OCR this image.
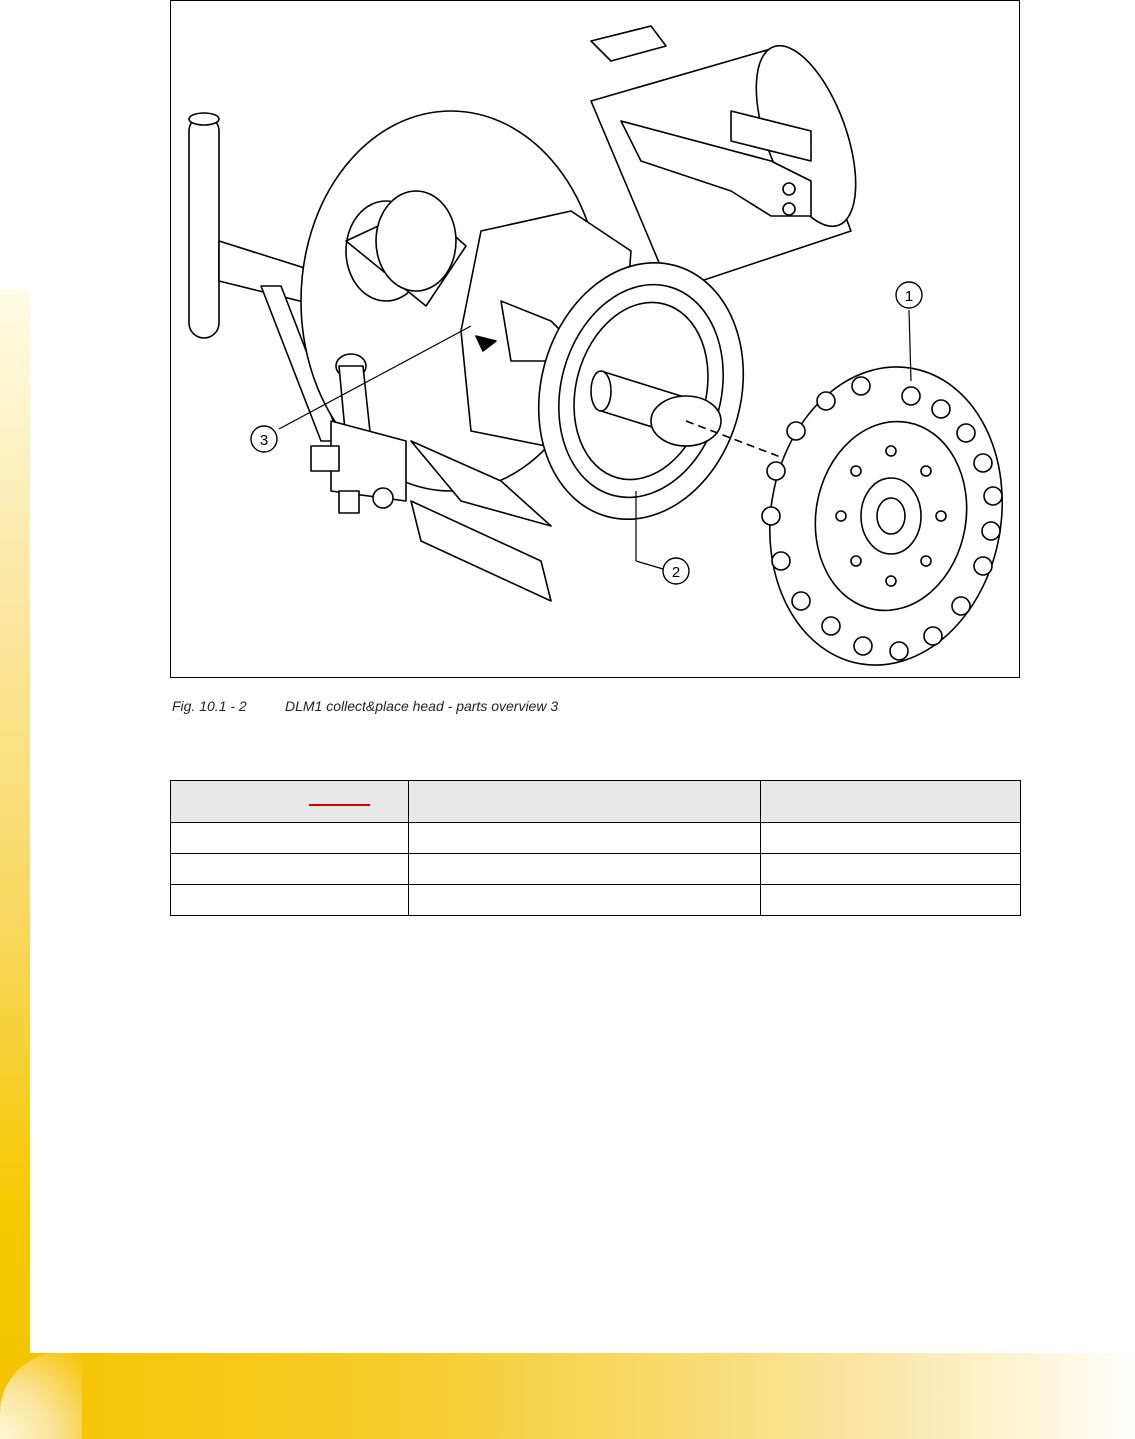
1
2
3
Fig. 10.1 - 2	DLM1 collect&place head - parts overview 3
